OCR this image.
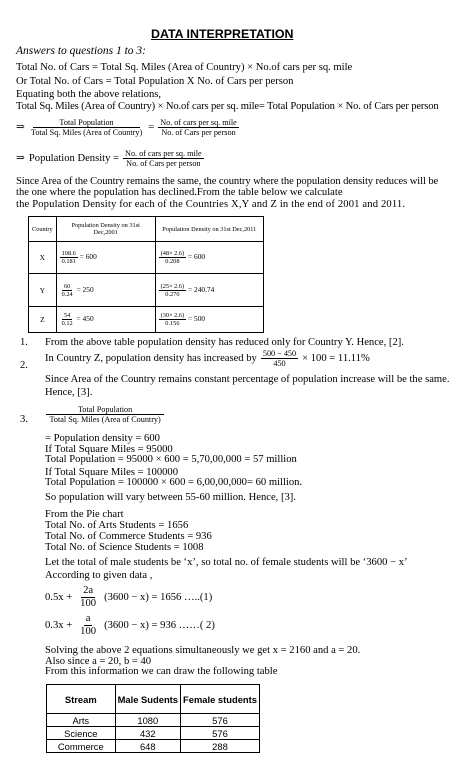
DATA INTERPRETATION
Answers to questions 1 to 3:
Total No. of Cars = Total Sq. Miles (Area of Country) × No.of cars per sq. mile
Or Total No. of Cars = Total Population X No. of Cars per person
Equating both the above relations,
Total Sq. Miles (Area of Country) × No.of cars per sq. mile= Total Population × No. of Cars per person
⇒ $\frac{\text{Total Population}}{\text{Total Sq. Miles (Area of Country)}} = \frac{\text{No. of cars per sq. mile}}{\text{No. of Cars per person}}$
⇒ Population Density = $\frac{\text{No. of cars per sq. mile}}{\text{No. of Cars per person}}$
Since Area of the Country remains the same, the country where the population density reduces will be
the one where the population has declined.From the table below we calculate
the Population Density for each of the Countries X,Y and Z in the end of 2001 and 2011.
Country	Population Density on 31st Dec,2001	Population Density on 31st Dec,2011
X	$\frac{108.6}{0.181} = 600$	$\frac{(48\times 2.6)}{0.208} = 600$
Y	$\frac{60}{0.24} = 250$	$\frac{(25\times 2.6)}{0.270} = 240.74$
Z	$\frac{54}{0.12} = 450$	$\frac{(30\times 2.6)}{0.156} = 500$
1. From the above table population density has reduced only for Country Y. Hence, [2].
2.
In Country Z, population density has increased by $\frac{500 - 450}{450} \times 100 = 11.11\%$
Since Area of the Country remains constant percentage of population increase will be the same.
Hence, [3].
3. $\frac{\text{Total Population}}{\text{Total Sq. Miles (Area of Country)}}$
= Population density = 600
If Total Square Miles = 95000
Total Population = 95000 × 600 = 5,70,00,000 = 57 million
If Total Square Miles = 100000
Total Population = 100000 × 600 = 6,00,00,000= 60 million.
So population will vary between 55-60 million. Hence, [3].
From the Pie chart
Total No. of Arts Students = 1656
Total No. of Commerce Students = 936
Total No. of Science Students = 1008
Let the total of male students be ‘x’, so total no. of female students will be ‘3600 − x’
According to given data ,
$0.5x + \frac{2a}{100} (3600 - x) = 1656$ …..(1)
$0.3x + \frac{a}{100} (3600 - x) = 936$ ……( 2)
Solving the above 2 equations simultaneously we get x = 2160 and a = 20.
Also since a = 20, b = 40
From this information we can draw the following table
Stream	Male Sudents	Female students
Arts	1080	576
Science	432	576
Commerce	648	288
